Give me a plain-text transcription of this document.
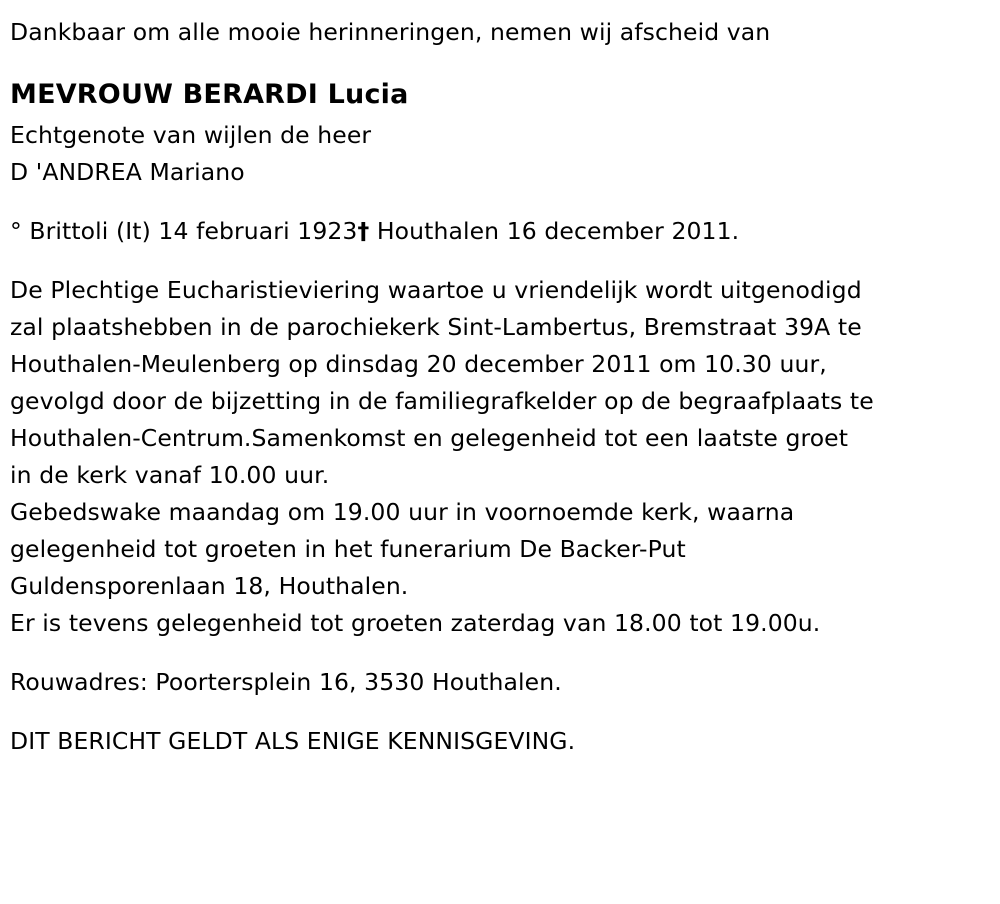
Dankbaar om alle mooie herinneringen, nemen wij afscheid van
MEVROUW BERARDI Lucia
Echtgenote van wijlen de heer
D 'ANDREA Mariano
° Brittoli (It) 14 februari 1923† Houthalen 16 december 2011.
De Plechtige Eucharistieviering waartoe u vriendelijk wordt uitgenodigd
zal plaatshebben in de parochiekerk Sint-Lambertus, Bremstraat 39A te
Houthalen-Meulenberg op dinsdag 20 december 2011 om 10.30 uur,
gevolgd door de bijzetting in de familiegrafkelder op de begraafplaats te
Houthalen-Centrum.Samenkomst en gelegenheid tot een laatste groet
in de kerk vanaf 10.00 uur.
Gebedswake maandag om 19.00 uur in voornoemde kerk, waarna
gelegenheid tot groeten in het funerarium De Backer-Put
Guldensporenlaan 18, Houthalen.
Er is tevens gelegenheid tot groeten zaterdag van 18.00 tot 19.00u.
Rouwadres: Poortersplein 16, 3530 Houthalen.
DIT BERICHT GELDT ALS ENIGE KENNISGEVING.
